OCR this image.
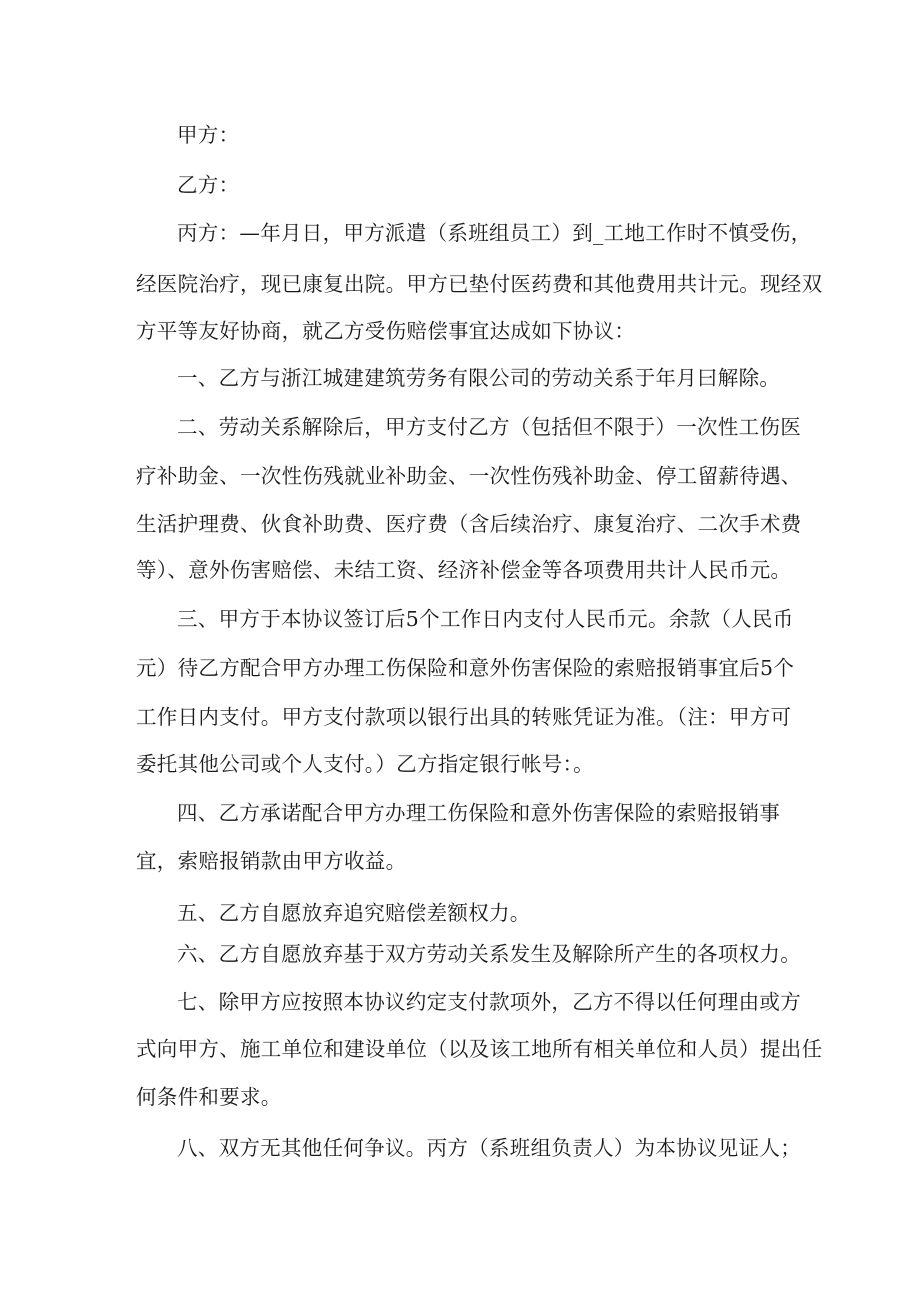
甲方：
乙方：
丙方：—年月日，甲方派遣（系班组员工）到_工地工作时不慎受伤，
经医院治疗，现已康复出院。甲方已垫付医药费和其他费用共计元。现经双
方平等友好协商，就乙方受伤赔偿事宜达成如下协议：
一、乙方与浙江城建建筑劳务有限公司的劳动关系于年月曰解除。
二、劳动关系解除后，甲方支付乙方（包括但不限于）一次性工伤医
疗补助金、一次性伤残就业补助金、一次性伤残补助金、停工留薪待遇、
生活护理费、伙食补助费、医疗费（含后续治疗、康复治疗、二次手术费
等）、意外伤害赔偿、未结工资、经济补偿金等各项费用共计人民币元。
三、甲方于本协议签订后5个工作日内支付人民币元。余款（人民币
元）待乙方配合甲方办理工伤保险和意外伤害保险的索赔报销事宜后5个
工作日内支付。甲方支付款项以银行出具的转账凭证为准。（注：甲方可
委托其他公司或个人支付。）乙方指定银行帐号：。
四、乙方承诺配合甲方办理工伤保险和意外伤害保险的索赔报销事
宜，索赔报销款由甲方收益。
五、乙方自愿放弃追究赔偿差额权力。
六、乙方自愿放弃基于双方劳动关系发生及解除所产生的各项权力。
七、除甲方应按照本协议约定支付款项外，乙方不得以任何理由或方
式向甲方、施工单位和建设单位（以及该工地所有相关单位和人员）提出任
何条件和要求。
八、双方无其他任何争议。丙方（系班组负责人）为本协议见证人；
